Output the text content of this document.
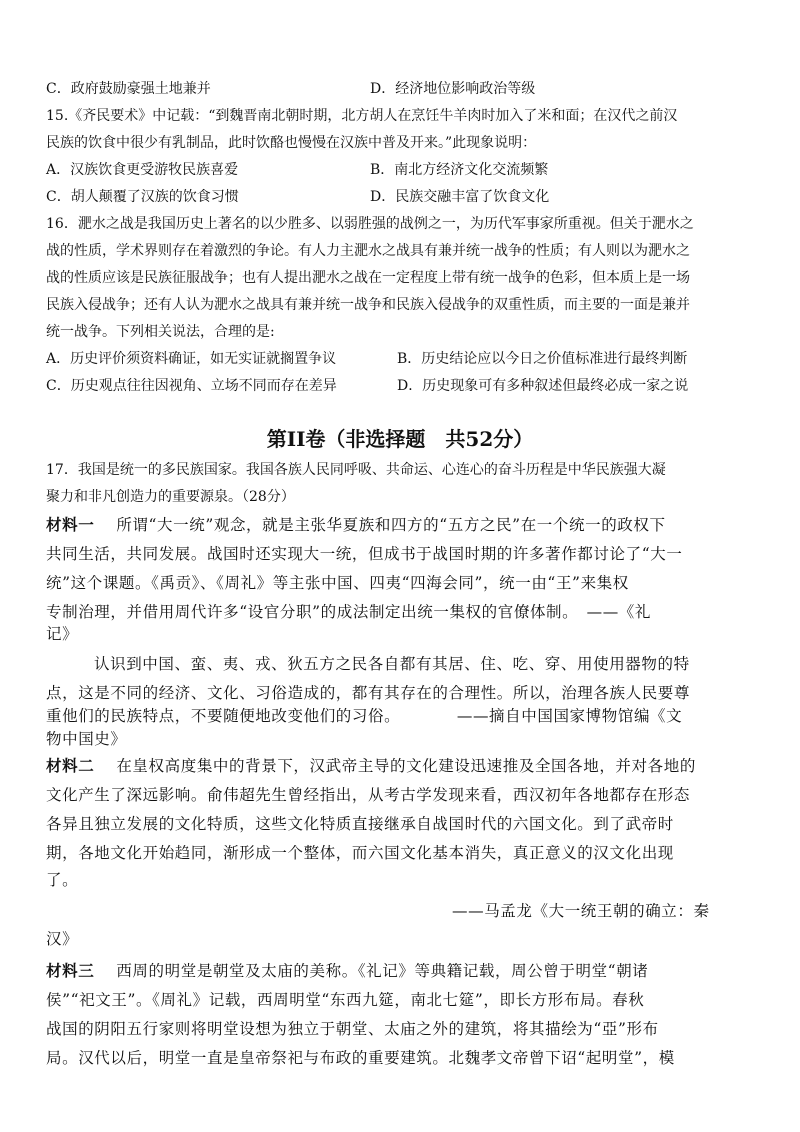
C．政府鼓励豪强土地兼并	D．经济地位影响政治等级
15.《齐民要术》中记载：“到魏晋南北朝时期，北方胡人在烹饪牛羊肉时加入了米和面；在汉代之前汉
民族的饮食中很少有乳制品，此时饮酪也慢慢在汉族中普及开来。”此现象说明：
A．汉族饮食更受游牧民族喜爱	B．南北方经济文化交流频繁
C．胡人颠覆了汉族的饮食习惯	D．民族交融丰富了饮食文化
16．淝水之战是我国历史上著名的以少胜多、以弱胜强的战例之一，为历代军事家所重视。但关于淝水之
战的性质，学术界则存在着激烈的争论。有人力主淝水之战具有兼并统一战争的性质；有人则以为淝水之
战的性质应该是民族征服战争；也有人提出淝水之战在一定程度上带有统一战争的色彩，但本质上是一场
民族入侵战争；还有人认为淝水之战具有兼并统一战争和民族入侵战争的双重性质，而主要的一面是兼并
统一战争。下列相关说法，合理的是:
A．历史评价须资料确证，如无实证就搁置争议	B．历史结论应以今日之价值标准进行最终判断
C．历史观点往往因视角、立场不同而存在差异	D．历史现象可有多种叙述但最终必成一家之说
第II卷（非选择题　共52分）
17．我国是统一的多民族国家。我国各族人民同呼吸、共命运、心连心的奋斗历程是中华民族强大凝
聚力和非凡创造力的重要源泉。（28分）
材料一 所谓“大一统”观念，就是主张华夏族和四方的“五方之民”在一个统一的政权下
共同生活，共同发展。战国时还实现大一统，但成书于战国时期的许多著作都讨论了“大一
统”这个课题。《禹贡》、《周礼》等主张中国、四夷“四海会同”，统一由“王”来集权
专制治理，并借用周代许多“设官分职”的成法制定出统一集权的官僚体制。　——《礼
记》
认识到中国、蛮、夷、戎、狄五方之民各自都有其居、住、吃、穿、用使用器物的特
点，这是不同的经济、文化、习俗造成的，都有其存在的合理性。所以，治理各族人民要尊
重他们的民族特点，不要随便地改变他们的习俗。　　　　——摘自中国国家博物馆编《文
物中国史》
材料二 在皇权高度集中的背景下，汉武帝主导的文化建设迅速推及全国各地，并对各地的
文化产生了深远影响。俞伟超先生曾经指出，从考古学发现来看，西汉初年各地都存在形态
各异且独立发展的文化特质，这些文化特质直接继承自战国时代的六国文化。到了武帝时
期，各地文化开始趋同，渐形成一个整体，而六国文化基本消失，真正意义的汉文化出现
了。
——马孟龙《大一统王朝的确立：秦
汉》
材料三 西周的明堂是朝堂及太庙的美称。《礼记》等典籍记载，周公曾于明堂“朝诸
侯”“祀文王”。《周礼》记载，西周明堂“东西九筵，南北七筵”，即长方形布局。春秋
战国的阴阳五行家则将明堂设想为独立于朝堂、太庙之外的建筑，将其描绘为“亞”形布
局。汉代以后，明堂一直是皇帝祭祀与布政的重要建筑。北魏孝文帝曾下诏“起明堂”，模
